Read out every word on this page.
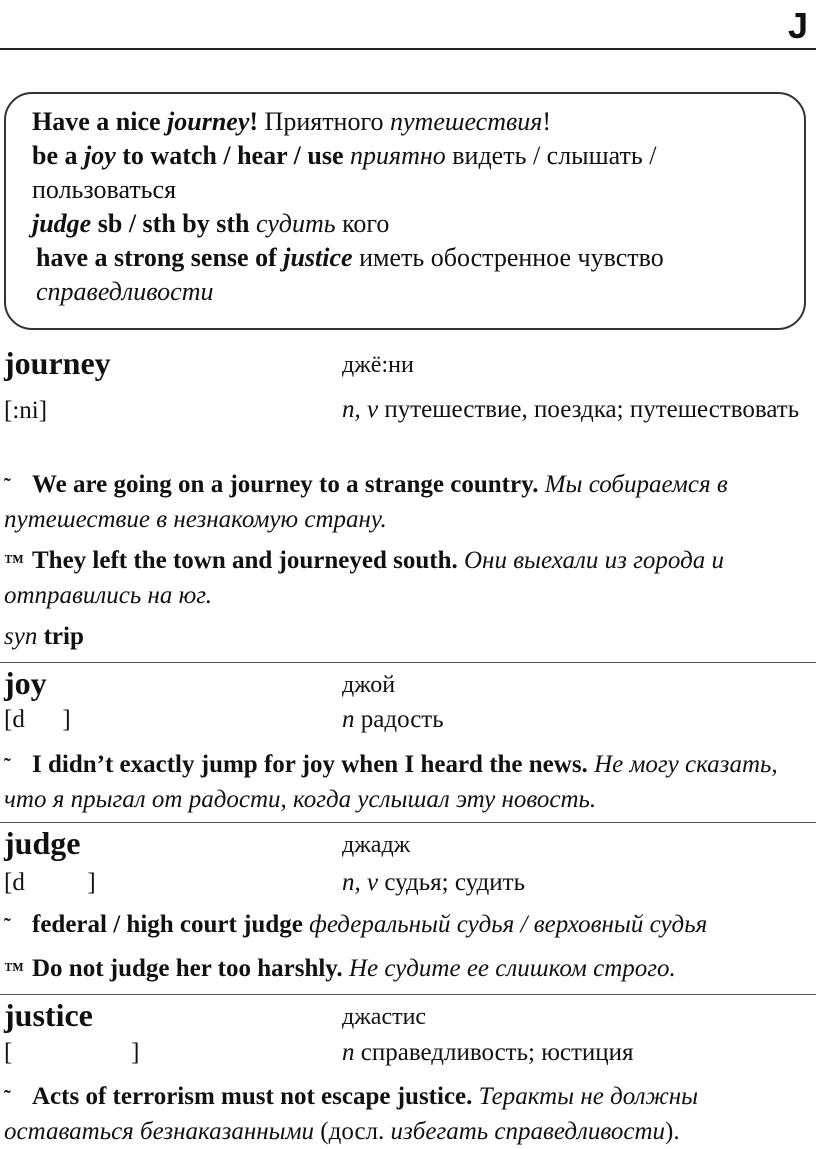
J

Have a nice journey! Приятного путешествия!

be a joy to watch / hear / use приятно видеть / слышать / пользоваться

judge sb / sth by sth судить кого

have a strong sense of justice иметь обостренное чувство справедливости

journey	джё:ни
[:ni]	n, v путешествие, поездка; путешествовать
˜ We are going on a journey to a strange country. Мы собираемся в путешествие в незнакомую страну.
™ They left the town and journeyed south. Они выехали из города и отправились на юг.
syn trip
joy	джой
[d      ]	n радость
˜ I didn’t exactly jump for joy when I heard the news. Не могу сказать, что я прыгал от радости, когда услышал эту новость.
judge	джадж
[d          ]	n, v судья; судить
˜ federal / high court judge федеральный судья / верховный судья
™ Do not judge her too harshly. Не судите ее слишком строго.
justice	джастис
[                   ]	n справедливость; юстиция
˜ Acts of terrorism must not escape justice. Теракты не должны оставаться безнаказанными (досл. избегать справедливости).
